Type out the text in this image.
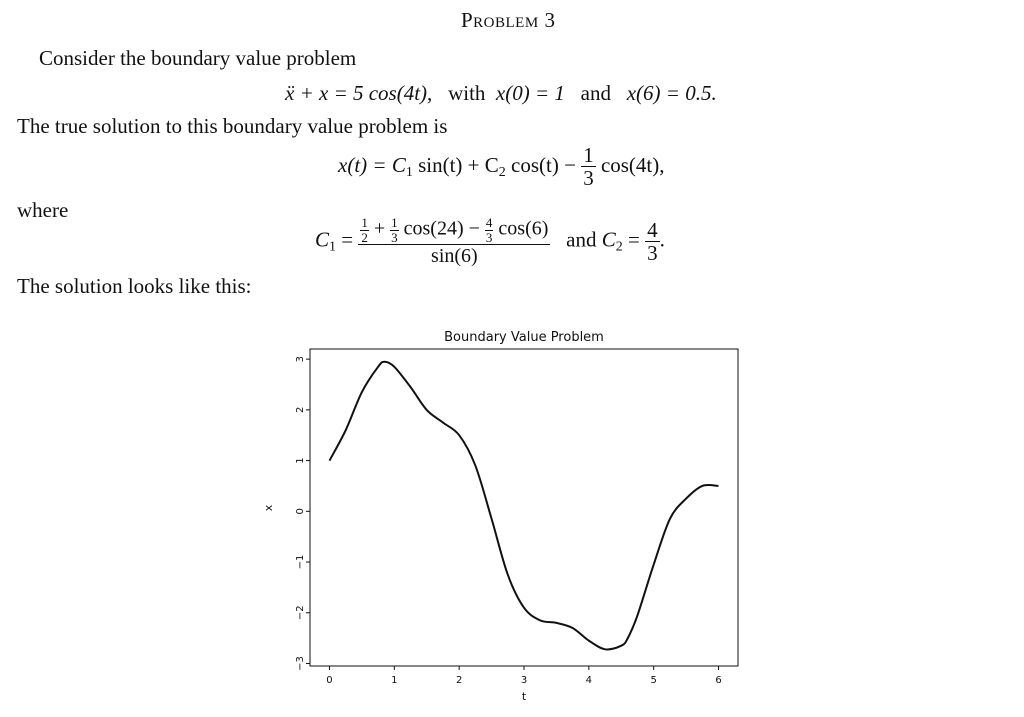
Problem 3
Consider the boundary value problem
ẍ + x = 5 cos(4t), with x(0) = 1 and x(6) = 0.5.
The true solution to this boundary value problem is
$x(t) = C_1$ $\sin(t) + C_2$ $\cos(t) - \frac{1}{3} \cos(4t)$,
where
$C_1 = \frac{\frac{1}{2} + \frac{1}{3} \cos(24) - \frac{4}{3} \cos(6)}{\sin(6)}$ and $C_2 = \frac{4}{3}$ .
The solution looks like this:
Boundary Value Problem
0	1	2	3	4	5	6
3
2
1
0
−1
−2
−3
t
x
